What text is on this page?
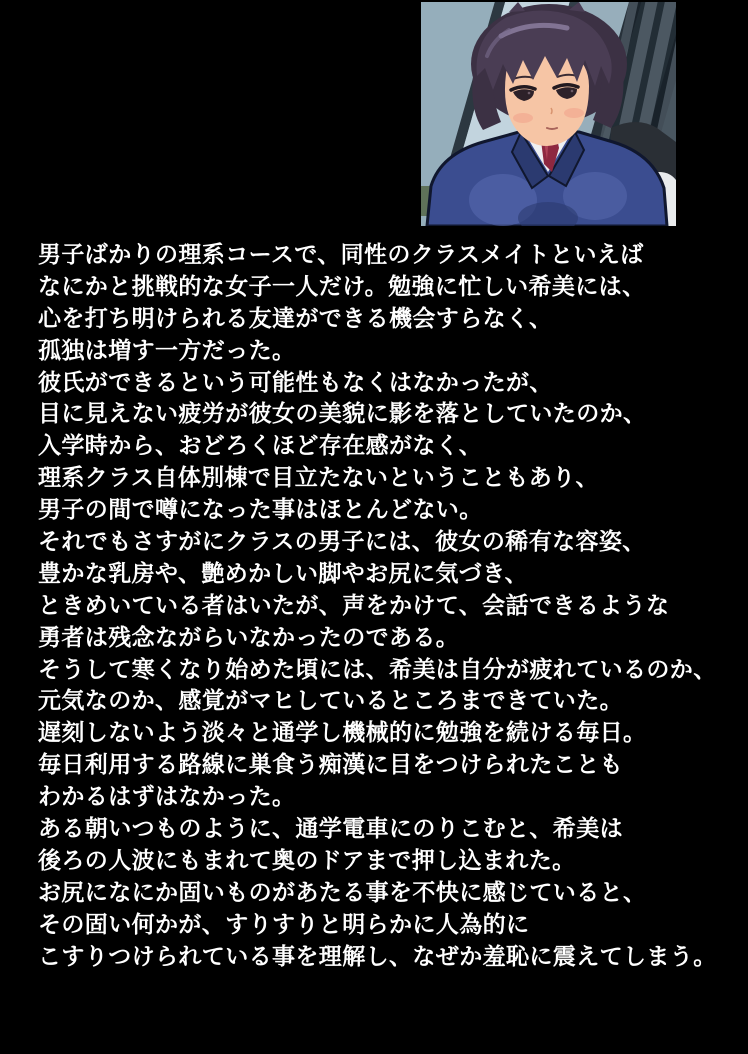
男子ばかりの理系コースで、同性のクラスメイトといえば
なにかと挑戦的な女子一人だけ。勉強に忙しい希美には、
心を打ち明けられる友達ができる機会すらなく、
孤独は増す一方だった。
彼氏ができるという可能性もなくはなかったが、
目に見えない疲労が彼女の美貌に影を落としていたのか、
入学時から、おどろくほど存在感がなく、
理系クラス自体別棟で目立たないということもあり、
男子の間で噂になった事はほとんどない。
それでもさすがにクラスの男子には、彼女の稀有な容姿、
豊かな乳房や、艶めかしい脚やお尻に気づき、
ときめいている者はいたが、声をかけて、会話できるような
勇者は残念ながらいなかったのである。
そうして寒くなり始めた頃には、希美は自分が疲れているのか、
元気なのか、感覚がマヒしているところまできていた。
遅刻しないよう淡々と通学し機械的に勉強を続ける毎日。
毎日利用する路線に巣食う痴漢に目をつけられたことも
わかるはずはなかった。
ある朝いつものように、通学電車にのりこむと、希美は
後ろの人波にもまれて奥のドアまで押し込まれた。
お尻になにか固いものがあたる事を不快に感じていると、
その固い何かが、すりすりと明らかに人為的に
こすりつけられている事を理解し、なぜか羞恥に震えてしまう。
